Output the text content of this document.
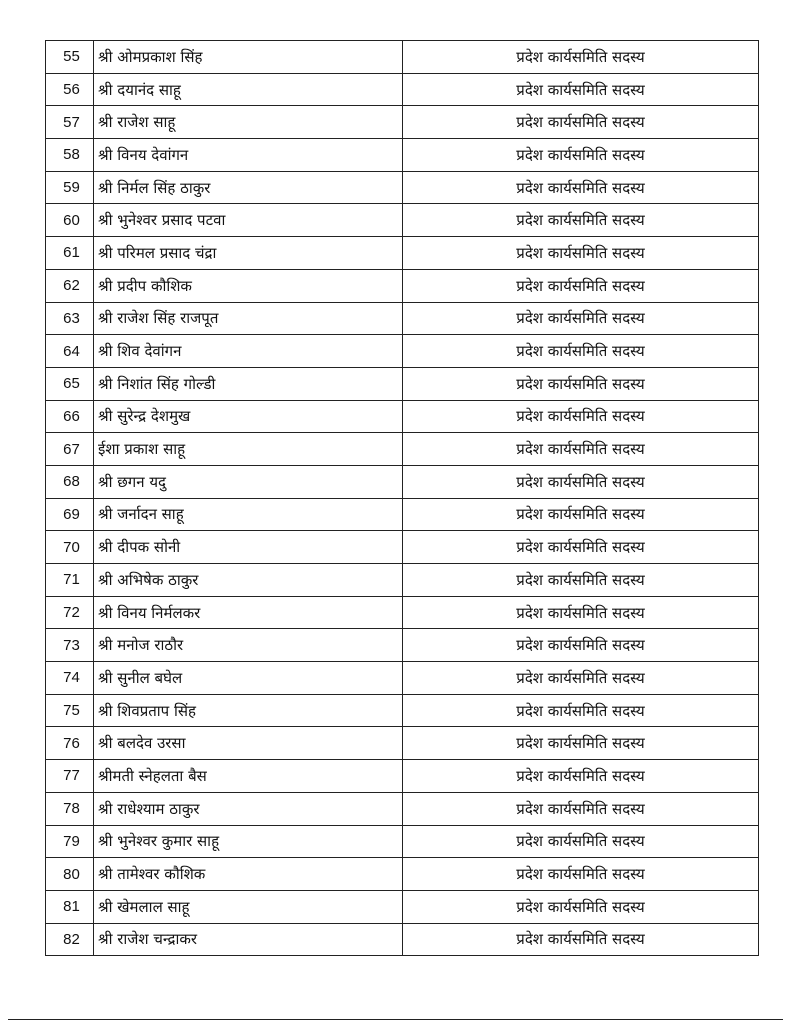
55	श्री ओमप्रकाश सिंह	प्रदेश कार्यसमिति सदस्य
56	श्री दयानंद साहू	प्रदेश कार्यसमिति सदस्य
57	श्री राजेश साहू	प्रदेश कार्यसमिति सदस्य
58	श्री विनय देवांगन	प्रदेश कार्यसमिति सदस्य
59	श्री निर्मल सिंह ठाकुर	प्रदेश कार्यसमिति सदस्य
60	श्री भुनेश्वर प्रसाद पटवा	प्रदेश कार्यसमिति सदस्य
61	श्री परिमल प्रसाद चंद्रा	प्रदेश कार्यसमिति सदस्य
62	श्री प्रदीप कौशिक	प्रदेश कार्यसमिति सदस्य
63	श्री राजेश सिंह राजपूत	प्रदेश कार्यसमिति सदस्य
64	श्री शिव देवांगन	प्रदेश कार्यसमिति सदस्य
65	श्री निशांत सिंह गोल्डी	प्रदेश कार्यसमिति सदस्य
66	श्री सुरेन्द्र देशमुख	प्रदेश कार्यसमिति सदस्य
67	ईशा प्रकाश साहू	प्रदेश कार्यसमिति सदस्य
68	श्री छगन यदु	प्रदेश कार्यसमिति सदस्य
69	श्री जर्नादन साहू	प्रदेश कार्यसमिति सदस्य
70	श्री दीपक सोनी	प्रदेश कार्यसमिति सदस्य
71	श्री अभिषेक ठाकुर	प्रदेश कार्यसमिति सदस्य
72	श्री विनय निर्मलकर	प्रदेश कार्यसमिति सदस्य
73	श्री मनोज राठौर	प्रदेश कार्यसमिति सदस्य
74	श्री सुनील बघेल	प्रदेश कार्यसमिति सदस्य
75	श्री शिवप्रताप सिंह	प्रदेश कार्यसमिति सदस्य
76	श्री बलदेव उरसा	प्रदेश कार्यसमिति सदस्य
77	श्रीमती स्नेहलता बैस	प्रदेश कार्यसमिति सदस्य
78	श्री राधेश्याम ठाकुर	प्रदेश कार्यसमिति सदस्य
79	श्री भुनेश्वर कुमार साहू	प्रदेश कार्यसमिति सदस्य
80	श्री तामेश्वर कौशिक	प्रदेश कार्यसमिति सदस्य
81	श्री खेमलाल साहू	प्रदेश कार्यसमिति सदस्य
82	श्री राजेश चन्द्राकर	प्रदेश कार्यसमिति सदस्य
